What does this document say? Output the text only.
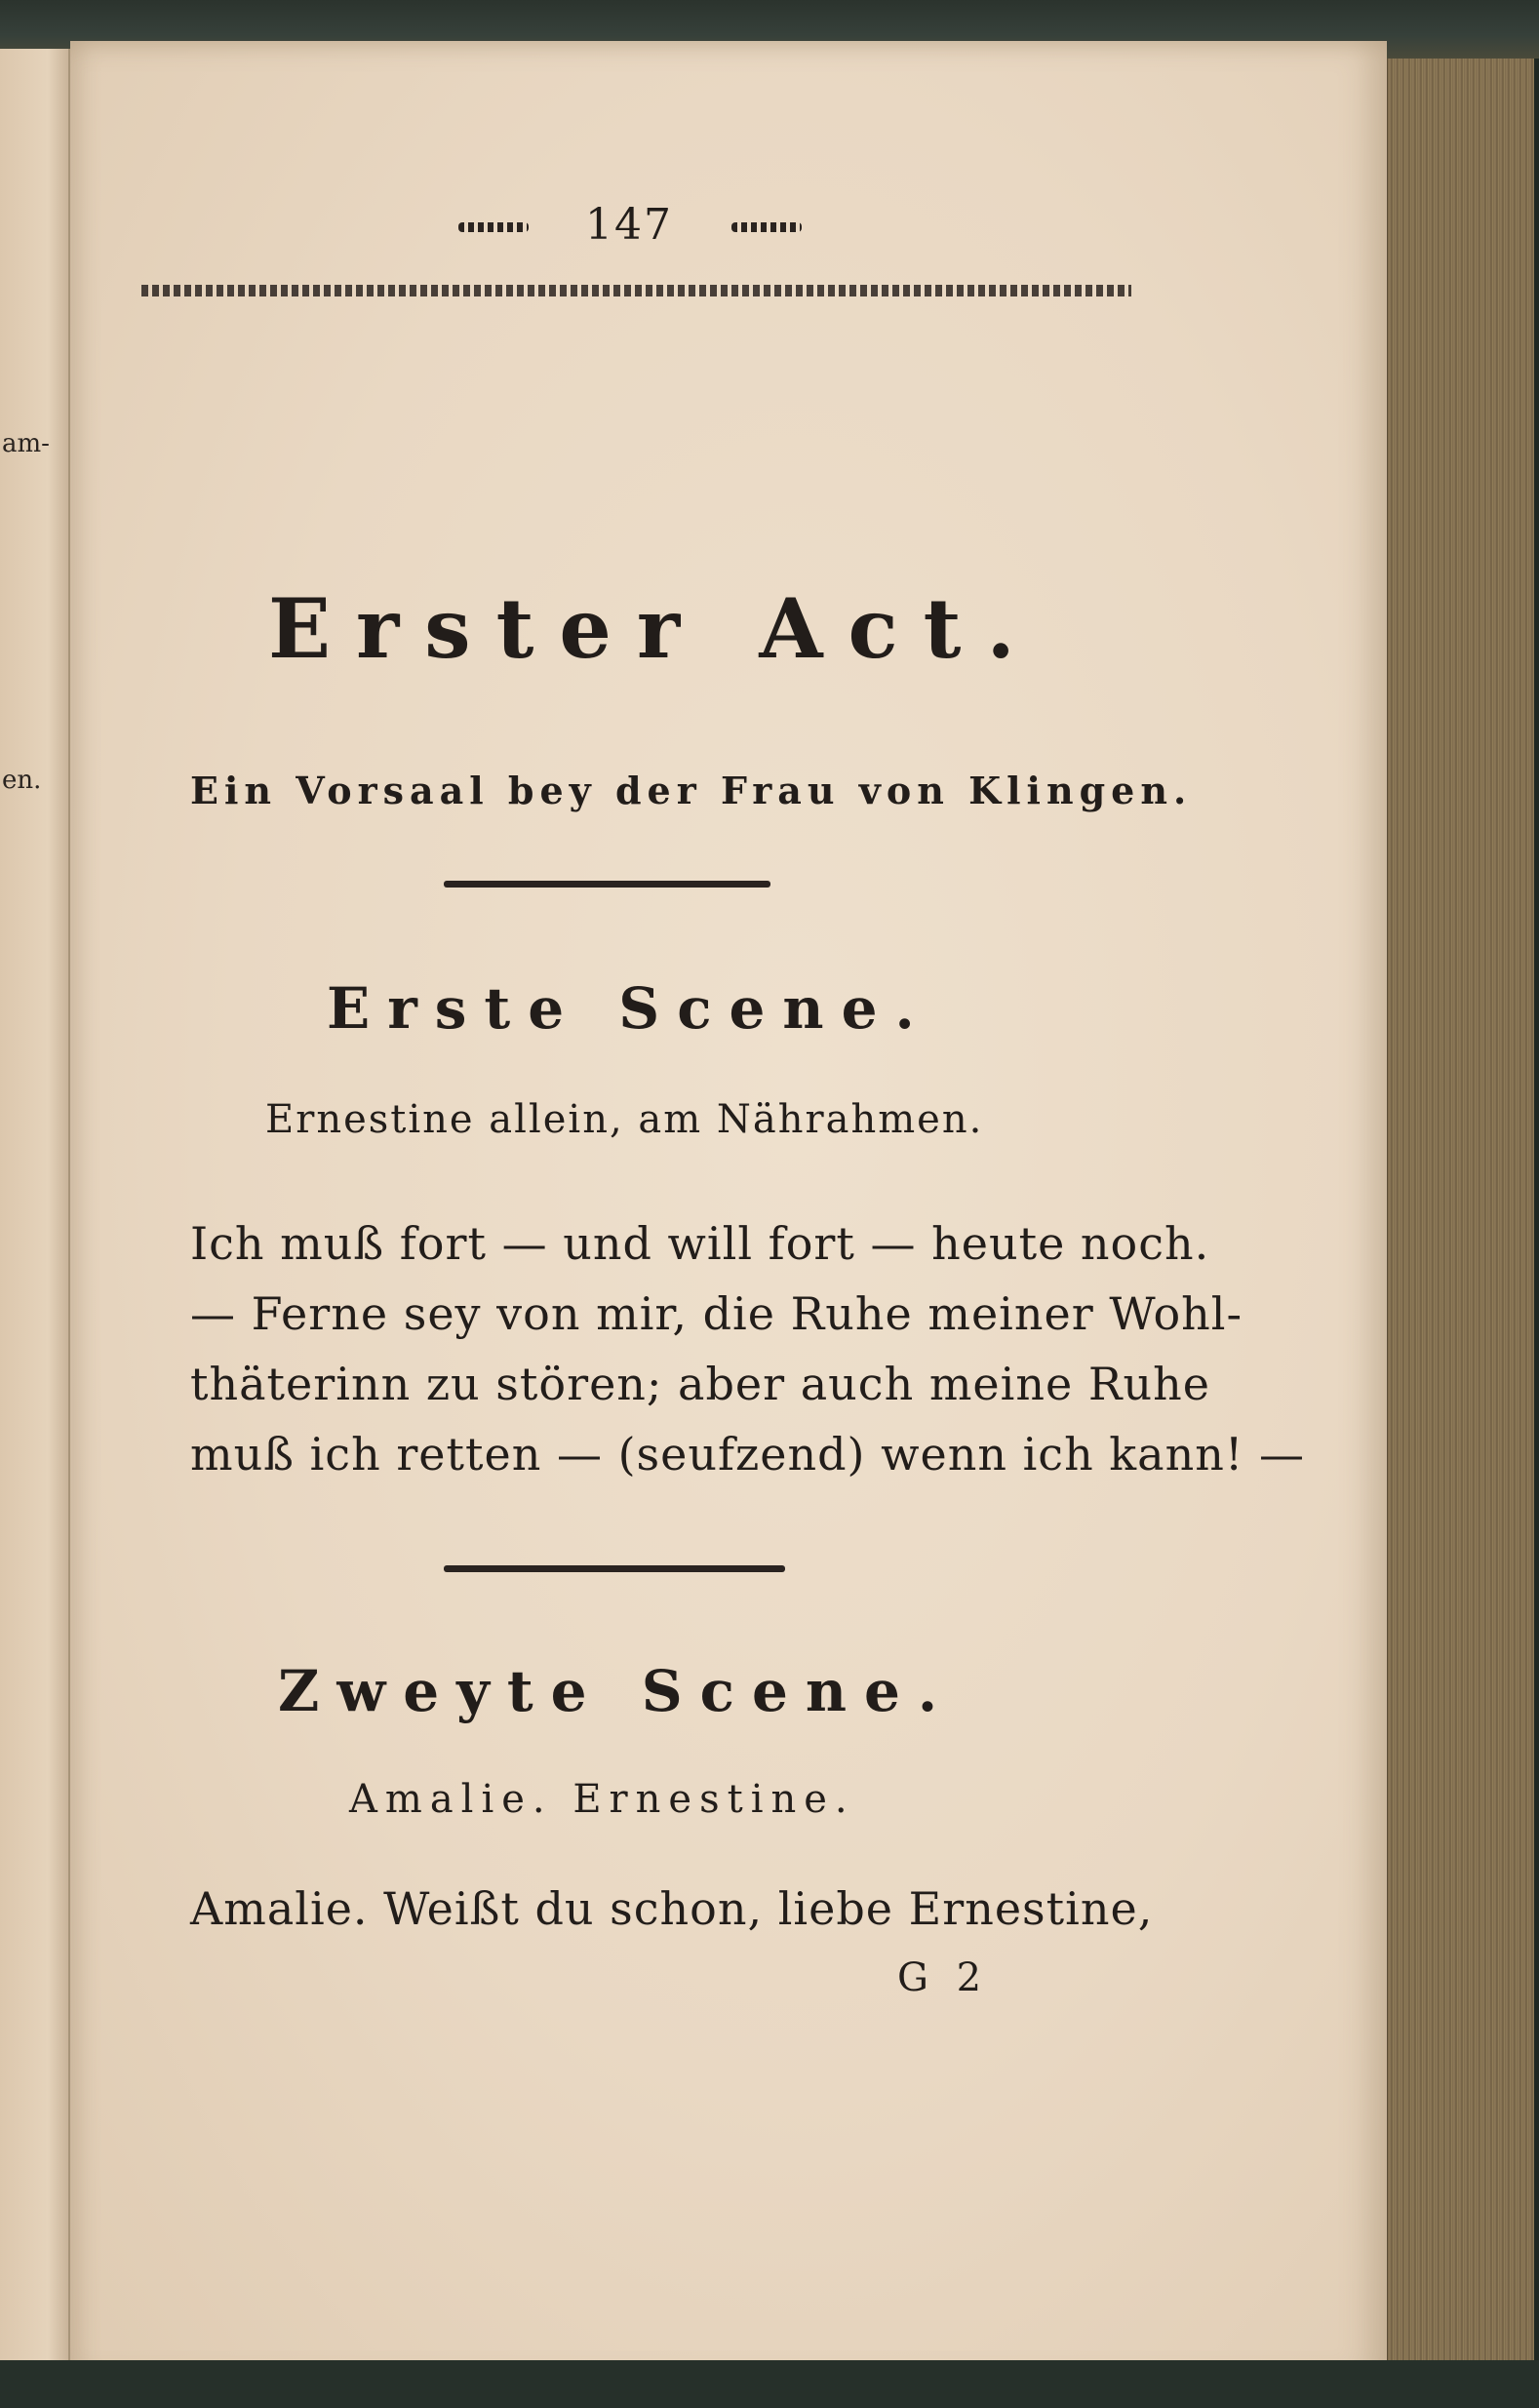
am-
en.
147
Erster Act.
Ein Vorsaal bey der Frau von Klingen.
Erste Scene.
Ernestine allein, am Nährahmen.
Ich muß fort — und will fort — heute noch.
— Ferne sey von mir, die Ruhe meiner Wohl-
thäterinn zu stören; aber auch meine Ruhe
muß ich retten — (seufzend) wenn ich kann! —
Zweyte Scene.
Amalie. Ernestine.
Amalie. Weißt du schon, liebe Ernestine,
G 2
